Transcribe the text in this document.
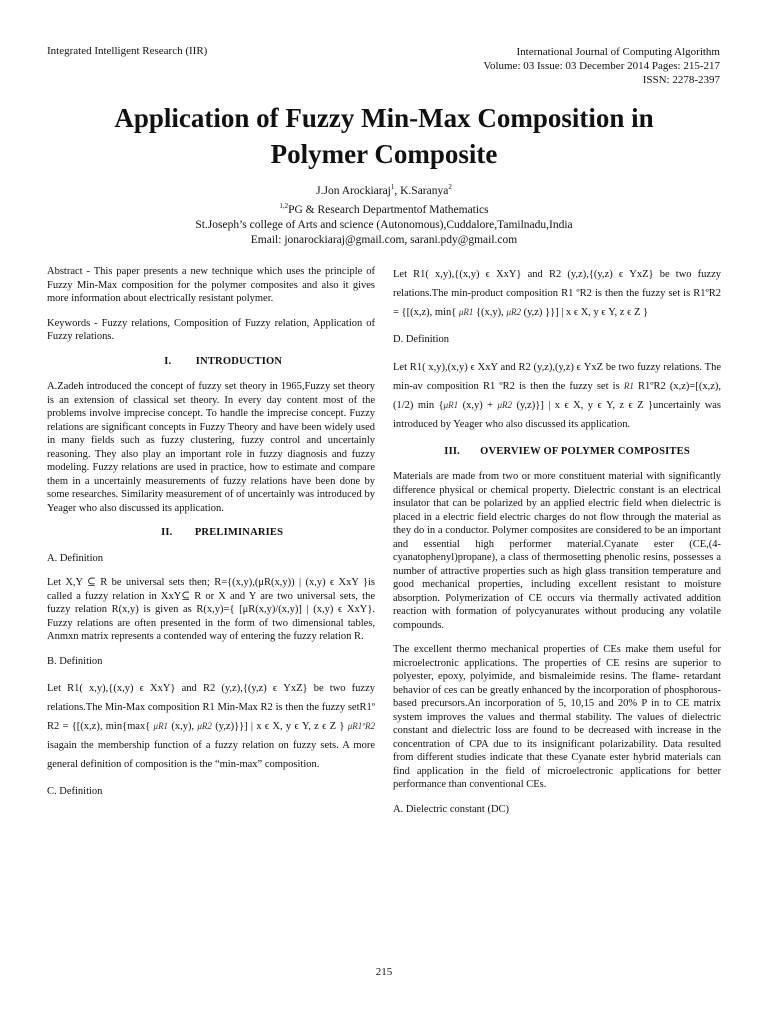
Integrated Intelligent Research (IIR)	International Journal of Computing Algorithm
Volume: 03 Issue: 03 December 2014 Pages: 215-217
ISSN: 2278-2397
Application of Fuzzy Min-Max Composition in
Polymer Composite
J.Jon Arockiaraj$^1$, K.Saranya$^2$
$^{1,2}$PG & Research Departmentof Mathematics
St.Joseph’s college of Arts and science (Autonomous),Cuddalore,Tamilnadu,India
Email: jonarockiaraj@gmail.com, sarani.pdy@gmail.com

Abstract - This paper presents a new technique which uses the principle of Fuzzy Min-Max composition for the polymer composites and also it gives more information about electrically resistant polymer.

Keywords - Fuzzy relations, Composition of Fuzzy relation, Application of Fuzzy relations.

I. INTRODUCTION

A.Zadeh introduced the concept of fuzzy set theory in 1965,Fuzzy set theory is an extension of classical set theory. In every day content most of the problems involve imprecise concept. To handle the imprecise concept. Fuzzy relations are significant concepts in Fuzzy Theory and have been widely used in many fields such as fuzzy clustering, fuzzy control and uncertainly reasoning. They also play an important role in fuzzy diagnosis and fuzzy modeling. Fuzzy relations are used in practice, how to estimate and compare them in a uncertainly measurements of fuzzy relations have been done by some researches. Similarity measurement of of uncertainly was introduced by Yeager who also discussed its application.

II. PRELIMINARIES

A. Definition

Let X,Y ⊆ R be universal sets then; R={(x,y),(μR(x,y)) | (x,y) ϵ XxY }is called a fuzzy relation in XxY⊆ R or X and Y are two universal sets, the fuzzy relation R(x,y) is given as R(x,y)={ [μR(x,y)/(x,y)] | (x,y) ϵ XxY}. Fuzzy relations are often presented in the form of two dimensional tables, Anmxn matrix represents a contended way of entering the fuzzy relation R.

B. Definition

Let R1( x,y),{(x,y) ϵ XxY} and R2 (y,z),{(y,z) ϵ YxZ} be two fuzzy relations.The Min-Max composition R1 Min-Max R2 is then the fuzzy setR1º R2 = {[(x,z), min{max{ μR1 (x,y), μR2 (y,z)}}] | x ϵ X, y ϵ Y, z ϵ Z } μR1ºR2 isagain the membership function of a fuzzy relation on fuzzy sets. A more general definition of composition is the “min-max” composition.

C. Definition

Let R1( x,y),{(x,y) ϵ XxY} and R2 (y,z),{(y,z) ϵ YxZ} be two fuzzy relations.The min-product composition R1 ºR2 is then the fuzzy set is R1ºR2 = {[(x,z), min{ μR1 {(x,y), μR2 (y,z) }}] | x ϵ X, y ϵ Y, z ϵ Z }

D. Definition

Let R1( x,y),(x,y) ϵ XxY and R2 (y,z),(y,z) ϵ YxZ be two fuzzy relations. The min-av composition R1 ºR2 is then the fuzzy set is R1 R1ºR2 (x,z)=[(x,z),(1/2) min {μR1 (x,y) + μR2 (y,z)}] | x ϵ X, y ϵ Y, z ϵ Z }uncertainly was introduced by Yeager who also discussed its application.

III. OVERVIEW OF POLYMER COMPOSITES

Materials are made from two or more constituent material with significantly difference physical or chemical property. Dielectric constant is an electrical insulator that can be polarized by an applied electric field when dielectric is placed in a electric field electric charges do not flow through the material as they do in a conductor. Polymer composites are considered to be an important and essential high performer material.Cyanate ester (CE,(4-cyanatophenyl)propane), a class of thermosetting phenolic resins, possesses a number of attractive properties such as high glass transition temperature and good mechanical properties, including excellent resistant to moisture absorption. Polymerization of CE occurs via thermally activated addition reaction with formation of polycyanurates without producing any volatile compounds.

The excellent thermo mechanical properties of CEs make them useful for microelectronic applications. The properties of CE resins are superior to polyester, epoxy, polyimide, and bismaleimide resins. The flame- retardant behavior of ces can be greatly enhanced by the incorporation of phosphorous-based precursors.An incorporation of 5, 10,15 and 20% P in to CE matrix system improves the values and thermal stability. The values of dielectric constant and dielectric loss are found to be decreased with increase in the concentration of CPA due to its insignificant polarizability. Data resulted from different studies indicate that these Cyanate ester hybrid materials can find application in the field of microelectronic applications for better performance than conventional CEs.

A. Dielectric constant (DC)

215
